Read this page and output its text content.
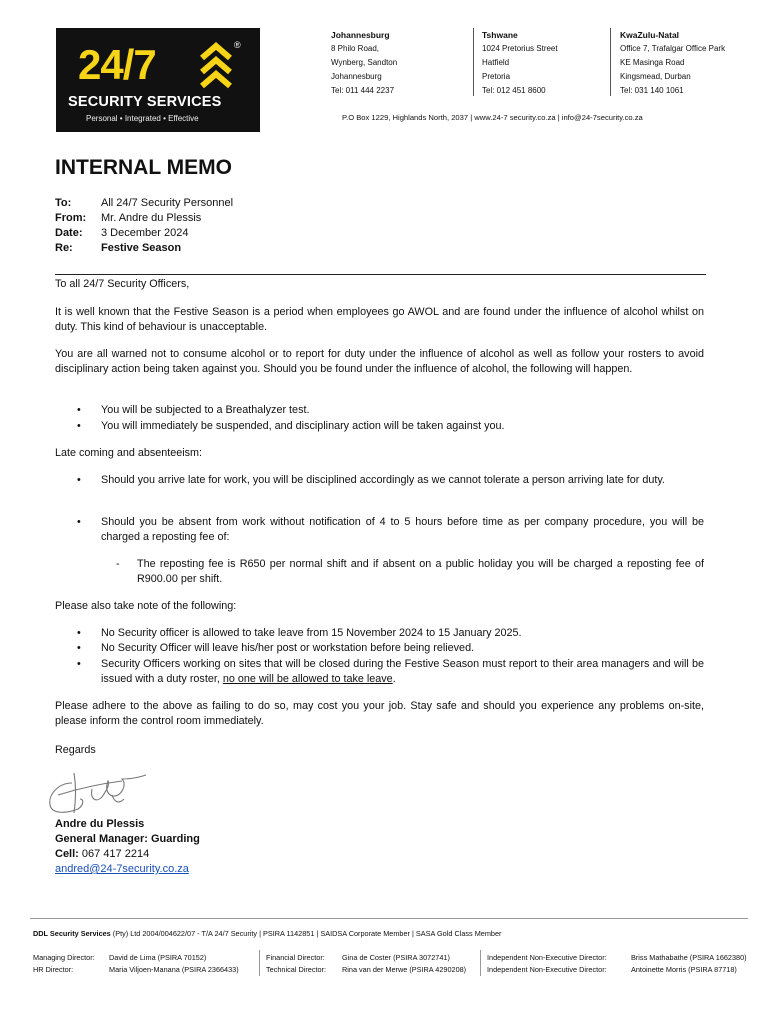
24/7	®
SECURITY SERVICES
Personal • Integrated • Effective
Johannesburg
8 Philo Road,
Wynberg, Sandton
Johannesburg
Tel: 011 444 2237
Tshwane
1024 Pretorius Street
Hatfield
Pretoria
Tel: 012 451 8600
KwaZulu-Natal
Office 7, Trafalgar Office Park
KE Masinga Road
Kingsmead, Durban
Tel: 031 140 1061
P.O Box 1229, Highlands North, 2037 | www.24-7 security.co.za | info@24-7security.co.za
INTERNAL MEMO
To:	All 24/7 Security Personnel
From:	Mr. Andre du Plessis
Date:	3 December 2024
Re:	Festive Season
To all 24/7 Security Officers,
It is well known that the Festive Season is a period when employees go AWOL and are found under the influence of alcohol whilst on duty. This kind of behaviour is unacceptable.
You are all warned not to consume alcohol or to report for duty under the influence of alcohol as well as follow your rosters to avoid disciplinary action being taken against you. Should you be found under the influence of alcohol, the following will happen.
• You will be subjected to a Breathalyzer test.
• You will immediately be suspended, and disciplinary action will be taken against you.
Late coming and absenteeism:
• Should you arrive late for work, you will be disciplined accordingly as we cannot tolerate a person arriving late for duty.
• Should you be absent from work without notification of 4 to 5 hours before time as per company procedure, you will be charged a reposting fee of:
- The reposting fee is R650 per normal shift and if absent on a public holiday you will be charged a reposting fee of R900.00 per shift.
Please also take note of the following:
• No Security officer is allowed to take leave from 15 November 2024 to 15 January 2025.
• No Security Officer will leave his/her post or workstation before being relieved.
• Security Officers working on sites that will be closed during the Festive Season must report to their area managers and will be issued with a duty roster, no one will be allowed to take leave.
Please adhere to the above as failing to do so, may cost you your job. Stay safe and should you experience any problems on-site, please inform the control room immediately.
Regards
Andre du Plessis
General Manager: Guarding
Cell: 067 417 2214
andred@24-7security.co.za
DDL Security Services (Pty) Ltd 2004/004622/07 - T/A 24/7 Security | PSIRA 1142851 | SAIDSA Corporate Member | SASA Gold Class Member
Managing Director:	David de Lima (PSIRA 70152)
HR Director:	Maria Viljoen-Manana (PSIRA 2366433)
Financial Director:	Gina de Coster (PSIRA 3072741)
Technical Director:	Rina van der Merwe (PSIRA 4290208)
Independent Non-Executive Director:	Briss Mathabathe (PSIRA 1662380)
Independent Non-Executive Director:	Antoinette Morris (PSIRA 87718)
